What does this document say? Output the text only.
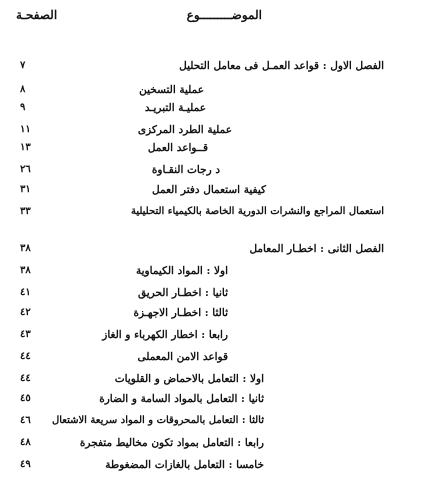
الموضـــــــــوع
الصفحـة
الفصل الاول : قواعد العمـل فى معامل التحليل
٧
عملية التسخين
٨
عمليـة التبريـد
٩
عملية الطرد المركزى
١١
قــواعد العمل
١٣
د رجات النقـاوة
٢٦
كيفية استعمال دفتر العمل
٣١
استعمال المراجع والنشرات الدورية الخاصة بالكيمياء التحليلية
٣٣
الفصل الثانى : اخطـار المعامل
٣٨
اولا : المواد الكيماوية
٣٨
ثانيا : اخطـار الحريق
٤١
ثالثا : اخطـار الاجهـزة
٤٢
رابعا : اخطار الكهرباء و الغاز
٤٣
قواعد الامن المعملى
٤٤
اولا : التعامل بالاحماض و القلويات
٤٤
ثانيا : التعامل بالمواد السامة و الضارة
٤٥
ثالثا : التعامل بالمحروقات و المواد سريعة الاشتعال
٤٦
رابعا : التعامل بمواد تكون مخاليط متفجرة
٤٨
خامسا : التعامل بالغازات المضغوطة
٤٩
